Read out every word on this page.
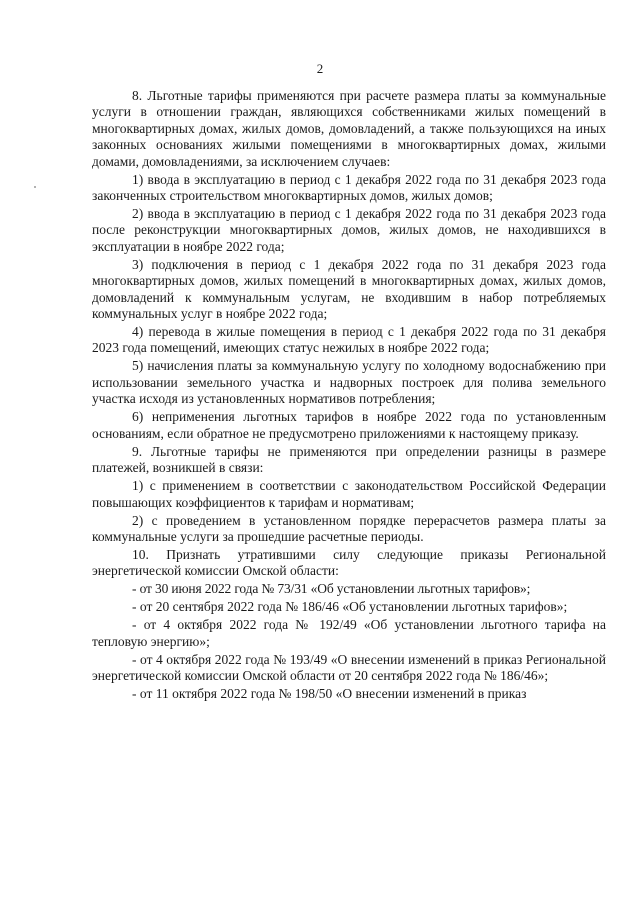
2

8. Льготные тарифы применяются при расчете размера платы за коммунальные услуги в отношении граждан, являющихся собственниками жилых помещений в многоквартирных домах, жилых домов, домовладений, а также пользующихся на иных законных основаниях жилыми помещениями в многоквартирных домах, жилыми домами, домовладениями, за исключением случаев:

1) ввода в эксплуатацию в период с 1 декабря 2022 года по 31 декабря 2023 года законченных строительством многоквартирных домов, жилых домов;

2) ввода в эксплуатацию в период с 1 декабря 2022 года по 31 декабря 2023 года после реконструкции многоквартирных домов, жилых домов, не находившихся в эксплуатации в ноябре 2022 года;

3) подключения в период с 1 декабря 2022 года по 31 декабря 2023 года многоквартирных домов, жилых помещений в многоквартирных домах, жилых домов, домовладений к коммунальным услугам, не входившим в набор потребляемых коммунальных услуг в ноябре 2022 года;

4) перевода в жилые помещения в период с 1 декабря 2022 года по 31 декабря 2023 года помещений, имеющих статус нежилых в ноябре 2022 года;

5) начисления платы за коммунальную услугу по холодному водоснабжению при использовании земельного участка и надворных построек для полива земельного участка исходя из установленных нормативов потребления;

6) неприменения льготных тарифов в ноябре 2022 года по установленным основаниям, если обратное не предусмотрено приложениями к настоящему приказу.

9. Льготные тарифы не применяются при определении разницы в размере платежей, возникшей в связи:

1) с применением в соответствии с законодательством Российской Федерации повышающих коэффициентов к тарифам и нормативам;

2) с проведением в установленном порядке перерасчетов размера платы за коммунальные услуги за прошедшие расчетные периоды.

10. Признать утратившими силу следующие приказы Региональной энергетической комиссии Омской области:

- от 30 июня 2022 года № 73/31 «Об установлении льготных тарифов»;

- от 20 сентября 2022 года № 186/46 «Об установлении льготных тарифов»;

- от 4 октября 2022 года № 192/49 «Об установлении льготного тарифа на тепловую энергию»;

- от 4 октября 2022 года № 193/49 «О внесении изменений в приказ Региональной энергетической комиссии Омской области от 20 сентября 2022 года № 186/46»;

- от 11 октября 2022 года № 198/50 «О внесении изменений в приказ
